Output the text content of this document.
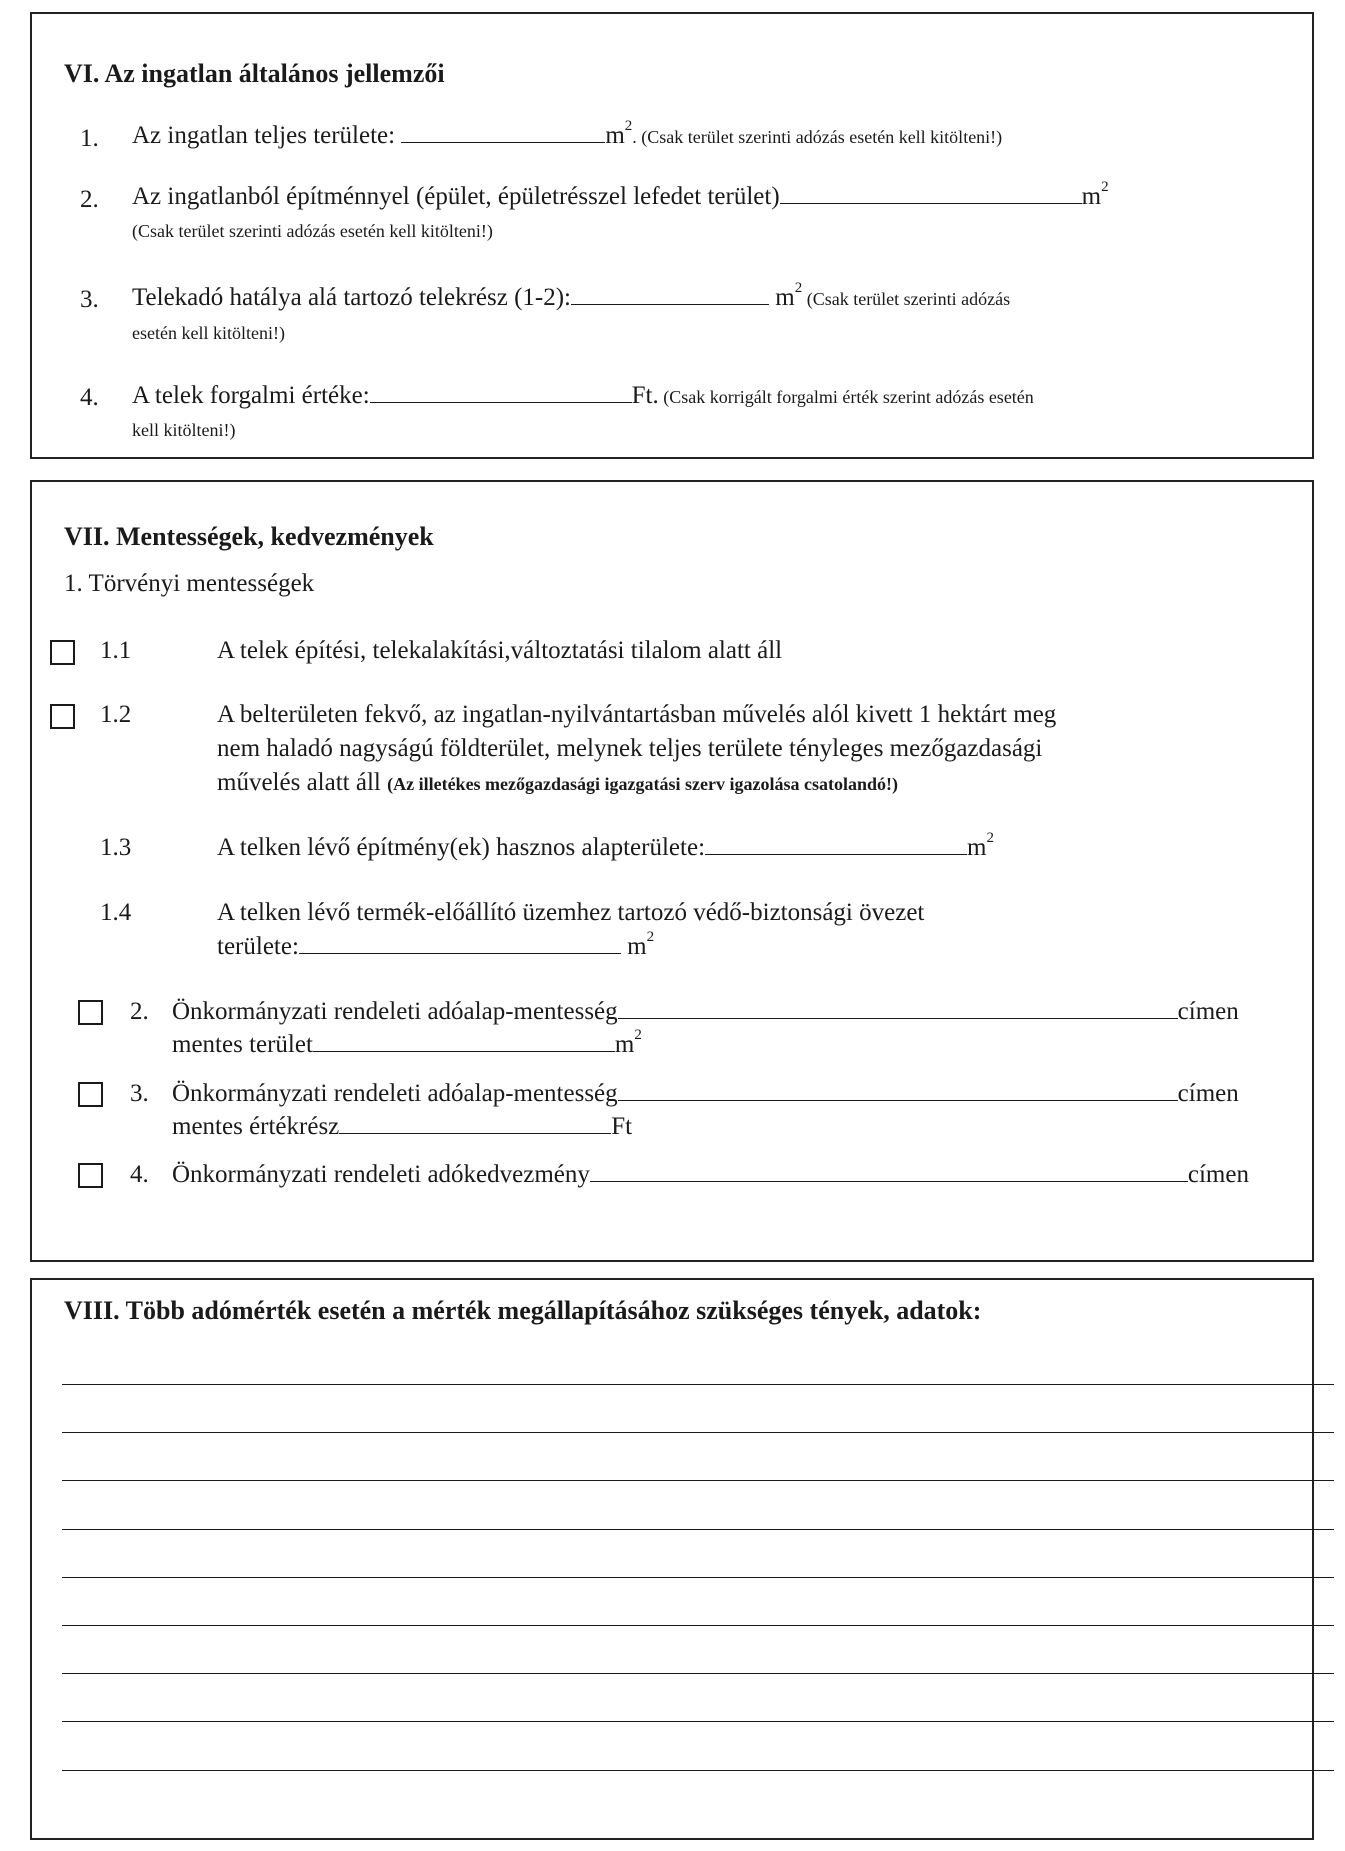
VI. Az ingatlan általános jellemzői
1. Az ingatlan teljes területe:	$m^2$. (Csak terület szerinti adózás esetén kell kitölteni!)
2. Az ingatlanból építménnyel (épület, épületrésszel lefedet terület)	$m^2$
(Csak terület szerinti adózás esetén kell kitölteni!)
3. Telekadó hatálya alá tartozó telekrész (1-2):	$m^2$ (Csak terület szerinti adózás
esetén kell kitölteni!)
4. A telek forgalmi értéke:	Ft. (Csak korrigált forgalmi érték szerint adózás esetén
kell kitölteni!)
VII. Mentességek, kedvezmények
1. Törvényi mentességek
1.1	A telek építési, telekalakítási,változtatási tilalom alatt áll
1.2	A belterületen fekvő, az ingatlan-nyilvántartásban művelés alól kivett 1 hektárt meg
nem haladó nagyságú földterület, melynek teljes területe tényleges mezőgazdasági
művelés alatt áll (Az illetékes mezőgazdasági igazgatási szerv igazolása csatolandó!)
1.3	A telken lévő építmény(ek) hasznos alapterülete:	$m^2$
1.4	A telken lévő termék-előállító üzemhez tartozó védő-biztonsági övezet
területe:	$m^2$
2. Önkormányzati rendeleti adóalap-mentesség	címen
mentes terület	$m^2$
3. Önkormányzati rendeleti adóalap-mentesség	címen
mentes értékrész	Ft
4. Önkormányzati rendeleti adókedvezmény	címen
VIII. Több adómérték esetén a mérték megállapításához szükséges tények, adatok:
